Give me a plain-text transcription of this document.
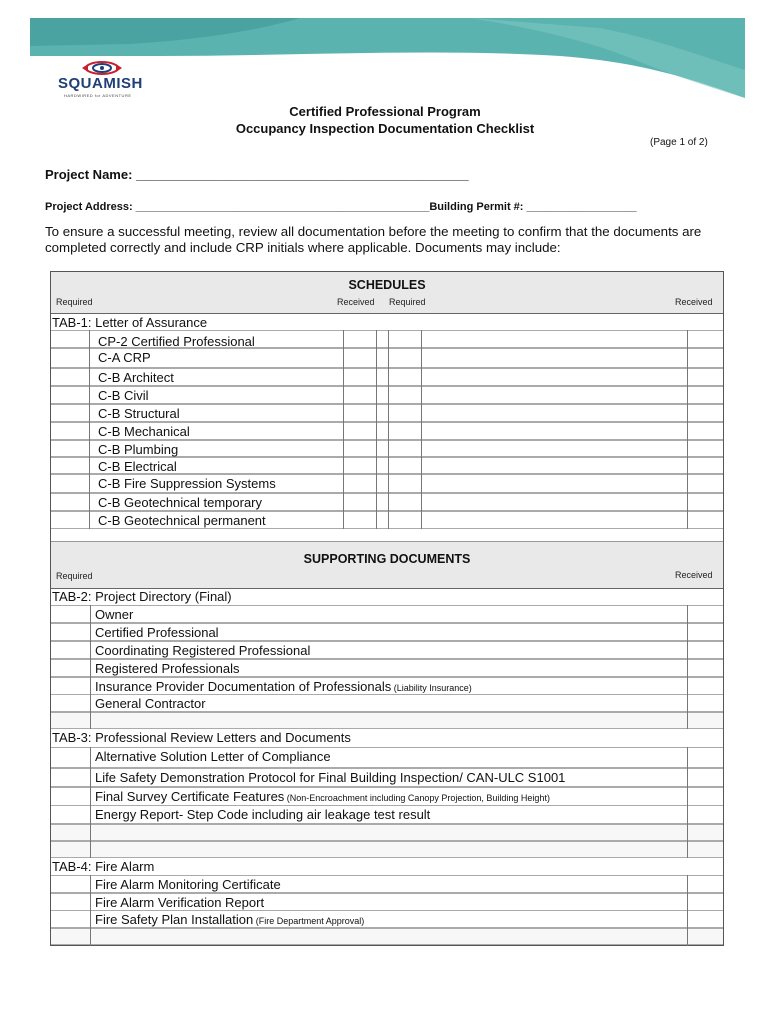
SQUAMISH
HARDWIRED for ADVENTURE
Certified Professional Program
Occupancy Inspection Documentation Checklist
(Page 1 of 2)
Project Name: ______________________________________________
Project Address: ________________________________________________Building Permit #: __________________
To ensure a successful meeting, review all documentation before the meeting to confirm that the documents are completed correctly and include CRP initials where applicable. Documents may include:
SCHEDULES
Required	Received Required	Received
TAB-1: Letter of Assurance
CP-2 Certified Professional
C-A CRP
C-B Architect
C-B Civil
C-B Structural
C-B Mechanical
C-B Plumbing
C-B Electrical
C-B Fire Suppression Systems
C-B Geotechnical temporary
C-B Geotechnical permanent
SUPPORTING DOCUMENTS
Required	Received
TAB-2: Project Directory (Final)
Owner
Certified Professional
Coordinating Registered Professional
Registered Professionals
Insurance Provider Documentation of Professionals (Liability Insurance)
General Contractor
TAB-3: Professional Review Letters and Documents
Alternative Solution Letter of Compliance
Life Safety Demonstration Protocol for Final Building Inspection/ CAN-ULC S1001
Final Survey Certificate Features (Non-Encroachment including Canopy Projection, Building Height)
Energy Report- Step Code including air leakage test result
TAB-4: Fire Alarm
Fire Alarm Monitoring Certificate
Fire Alarm Verification Report
Fire Safety Plan Installation (Fire Department Approval)
